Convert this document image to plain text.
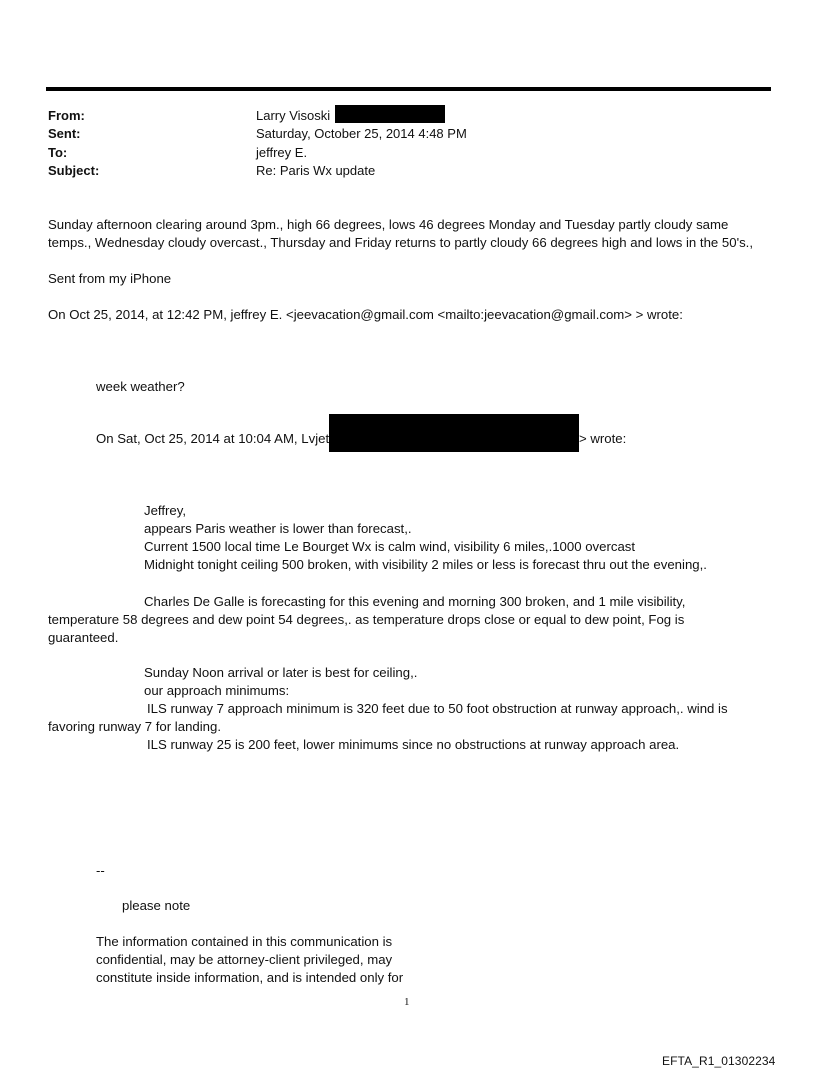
From:	Larry Visoski
Sent:	Saturday, October 25, 2014 4:48 PM
To:	jeffrey E.
Subject:	Re: Paris Wx update
Sunday afternoon clearing around 3pm., high 66 degrees, lows 46 degrees Monday and Tuesday partly cloudy same
temps., Wednesday cloudy overcast., Thursday and Friday returns to partly cloudy 66 degrees high and lows in the 50's.,
Sent from my iPhone
On Oct 25, 2014, at 12:42 PM, jeffrey E. <jeevacation@gmail.com <mailto:jeevacation@gmail.com> > wrote:
week weather?
On Sat, Oct 25, 2014 at 10:04 AM, Lvjet	> wrote:
Jeffrey,
appears Paris weather is lower than forecast,.
Current 1500 local time Le Bourget Wx is calm wind, visibility 6 miles,.1000 overcast
Midnight tonight ceiling 500 broken, with visibility 2 miles or less is forecast thru out the evening,.
Charles De Galle is forecasting for this evening and morning 300 broken, and 1 mile visibility,
temperature 58 degrees and dew point 54 degrees,. as temperature drops close or equal to dew point, Fog is
guaranteed.
Sunday Noon arrival or later is best for ceiling,.
our approach minimums:
ILS runway 7 approach minimum is 320 feet due to 50 foot obstruction at runway approach,. wind is
favoring runway 7 for landing.
ILS runway 25 is 200 feet, lower minimums since no obstructions at runway approach area.
--
please note
The information contained in this communication is
confidential, may be attorney-client privileged, may
constitute inside information, and is intended only for
1
EFTA_R1_01302234
